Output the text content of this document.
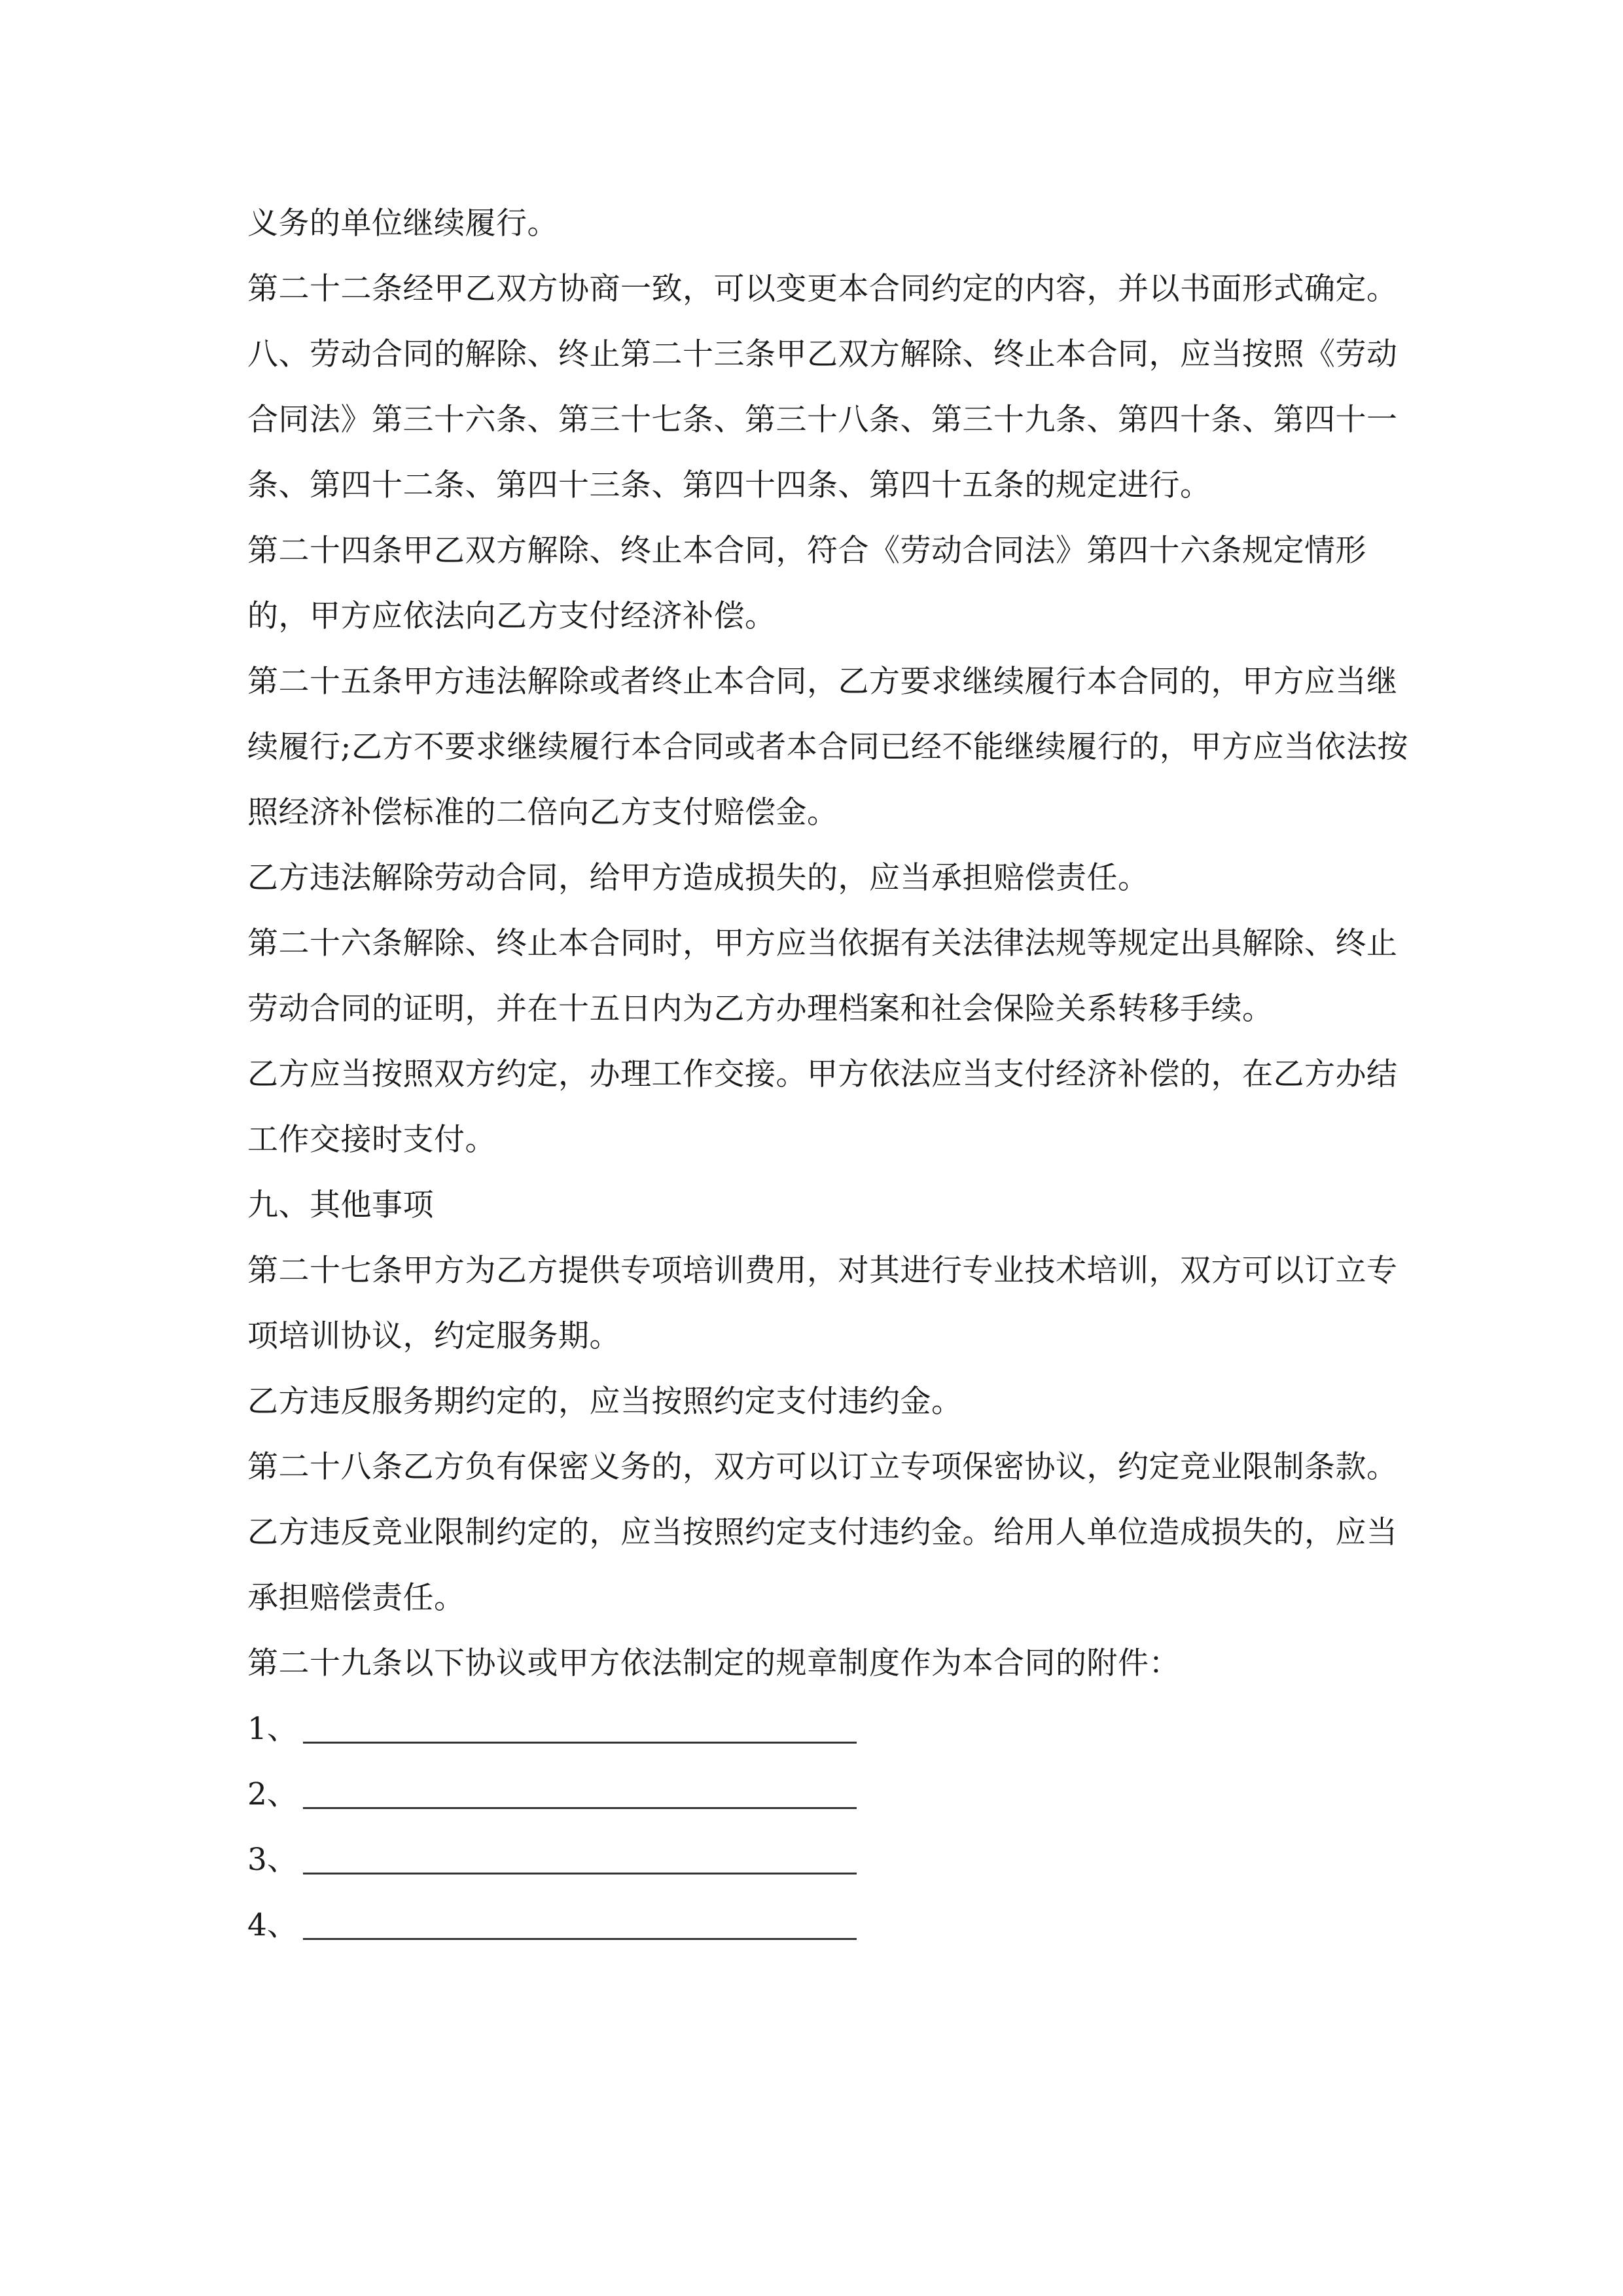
义务的单位继续履行。

第二十二条经甲乙双方协商一致，可以变更本合同约定的内容，并以书面形式确定。

八、劳动合同的解除、终止第二十三条甲乙双方解除、终止本合同，应当按照《劳动合同法》第三十六条、第三十七条、第三十八条、第三十九条、第四十条、第四十一条、第四十二条、第四十三条、第四十四条、第四十五条的规定进行。

第二十四条甲乙双方解除、终止本合同，符合《劳动合同法》第四十六条规定情形的，甲方应依法向乙方支付经济补偿。

第二十五条甲方违法解除或者终止本合同，乙方要求继续履行本合同的，甲方应当继续履行;乙方不要求继续履行本合同或者本合同已经不能继续履行的，甲方应当依法按照经济补偿标准的二倍向乙方支付赔偿金。

乙方违法解除劳动合同，给甲方造成损失的，应当承担赔偿责任。

第二十六条解除、终止本合同时，甲方应当依据有关法律法规等规定出具解除、终止劳动合同的证明，并在十五日内为乙方办理档案和社会保险关系转移手续。

乙方应当按照双方约定，办理工作交接。甲方依法应当支付经济补偿的，在乙方办结工作交接时支付。

九、其他事项

第二十七条甲方为乙方提供专项培训费用，对其进行专业技术培训，双方可以订立专项培训协议，约定服务期。

乙方违反服务期约定的，应当按照约定支付违约金。

第二十八条乙方负有保密义务的，双方可以订立专项保密协议，约定竞业限制条款。

乙方违反竞业限制约定的，应当按照约定支付违约金。给用人单位造成损失的，应当承担赔偿责任。

第二十九条以下协议或甲方依法制定的规章制度作为本合同的附件：

1、
2、
3、
4、
